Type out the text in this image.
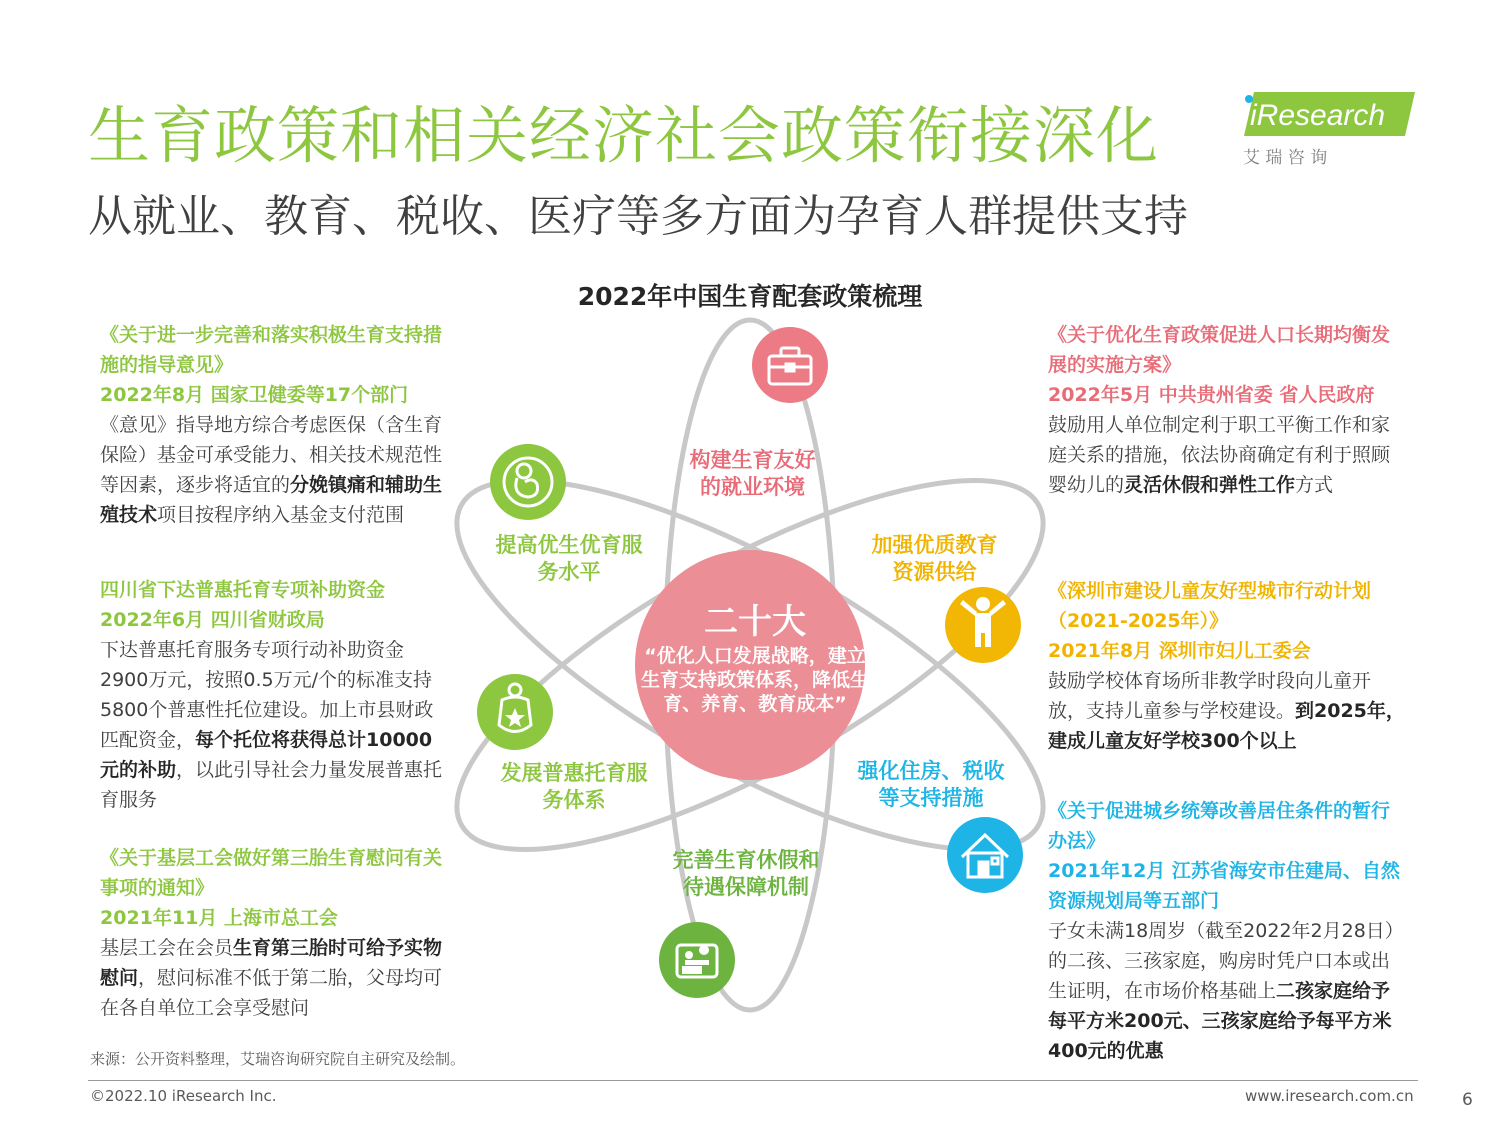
生育政策和相关经济社会政策衔接深化
从就业、教育、税收、医疗等多方面为孕育人群提供支持
iResearch
艾 瑞 咨 询
2022年中国生育配套政策梳理
《关于进一步完善和落实积极生育支持措施的指导意见》
2022年8月 国家卫健委等17个部门
《意见》指导地方综合考虑医保（含生育保险）基金可承受能力、相关技术规范性等因素，逐步将适宜的分娩镇痛和辅助生殖技术项目按程序纳入基金支付范围
四川省下达普惠托育专项补助资金
2022年6月 四川省财政局
下达普惠托育服务专项行动补助资金2900万元，按照0.5万元/个的标准支持5800个普惠性托位建设。加上市县财政匹配资金，每个托位将获得总计10000元的补助，以此引导社会力量发展普惠托育服务
《关于基层工会做好第三胎生育慰问有关事项的通知》
2021年11月 上海市总工会
基层工会在会员生育第三胎时可给予实物慰问，慰问标准不低于第二胎，父母均可在各自单位工会享受慰问
《关于优化生育政策促进人口长期均衡发展的实施方案》
2022年5月 中共贵州省委 省人民政府
鼓励用人单位制定利于职工平衡工作和家庭关系的措施，依法协商确定有利于照顾婴幼儿的灵活休假和弹性工作方式
《深圳市建设儿童友好型城市行动计划（2021-2025年）》
2021年8月 深圳市妇儿工委会
鼓励学校体育场所非教学时段向儿童开放，支持儿童参与学校建设。到2025年，建成儿童友好学校300个以上
《关于促进城乡统筹改善居住条件的暂行办法》
2021年12月 江苏省海安市住建局、自然资源规划局等五部门
子女未满18周岁（截至2022年2月28日）的二孩、三孩家庭，购房时凭户口本或出生证明，在市场价格基础上二孩家庭给予每平方米200元、三孩家庭给予每平方米400元的优惠
二十大
“优化人口发展战略，建立生育支持政策体系，降低生育、养育、教育成本”
构建生育友好的就业环境
加强优质教育资源供给
强化住房、税收等支持措施
完善生育休假和待遇保障机制
发展普惠托育服务体系
提高优生优育服务水平
来源：公开资料整理，艾瑞咨询研究院自主研究及绘制。
©2022.10 iResearch Inc.	www.iresearch.com.cn	6
